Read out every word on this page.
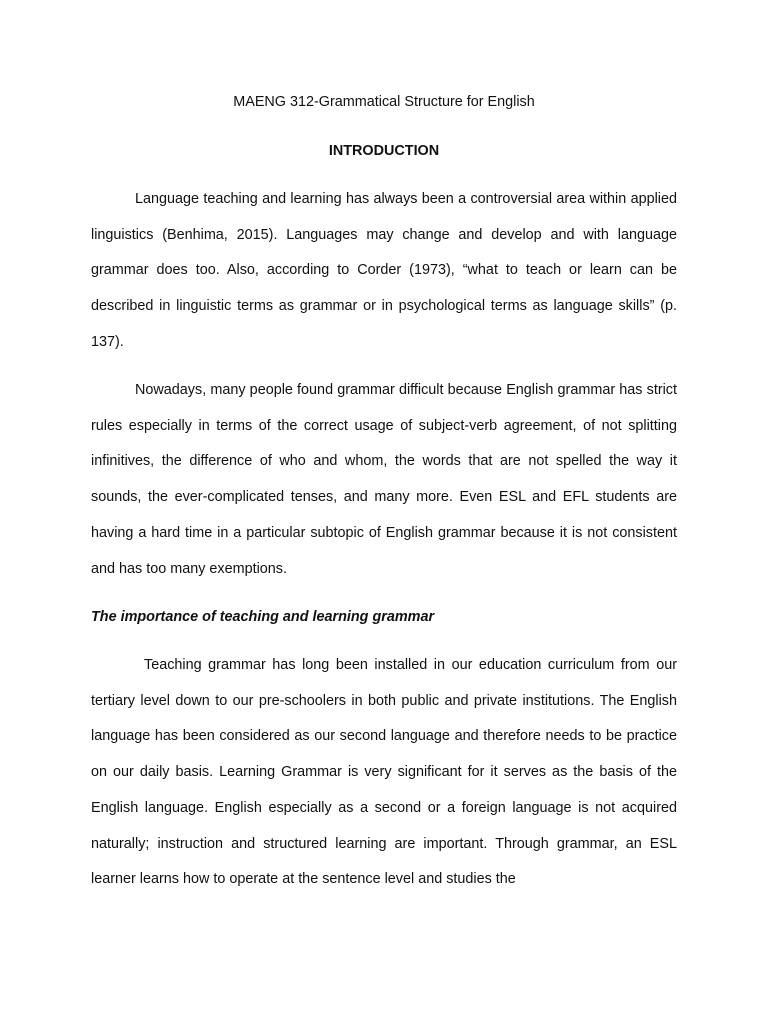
MAENG 312-Grammatical Structure for English
INTRODUCTION

Language teaching and learning has always been a controversial area within applied linguistics (Benhima, 2015). Languages may change and develop and with language grammar does too. Also, according to Corder (1973), “what to teach or learn can be described in linguistic terms as grammar or in psychological terms as language skills” (p. 137).

Nowadays, many people found grammar difficult because English grammar has strict rules especially in terms of the correct usage of subject-verb agreement, of not splitting infinitives, the difference of who and whom, the words that are not spelled the way it sounds, the ever-complicated tenses, and many more. Even ESL and EFL students are having a hard time in a particular subtopic of English grammar because it is not consistent and has too many exemptions.

The importance of teaching and learning grammar

Teaching grammar has long been installed in our education curriculum from our tertiary level down to our pre-schoolers in both public and private institutions. The English language has been considered as our second language and therefore needs to be practice on our daily basis. Learning Grammar is very significant for it serves as the basis of the English language. English especially as a second or a foreign language is not acquired naturally; instruction and structured learning are important. Through grammar, an ESL learner learns how to operate at the sentence level and studies the
